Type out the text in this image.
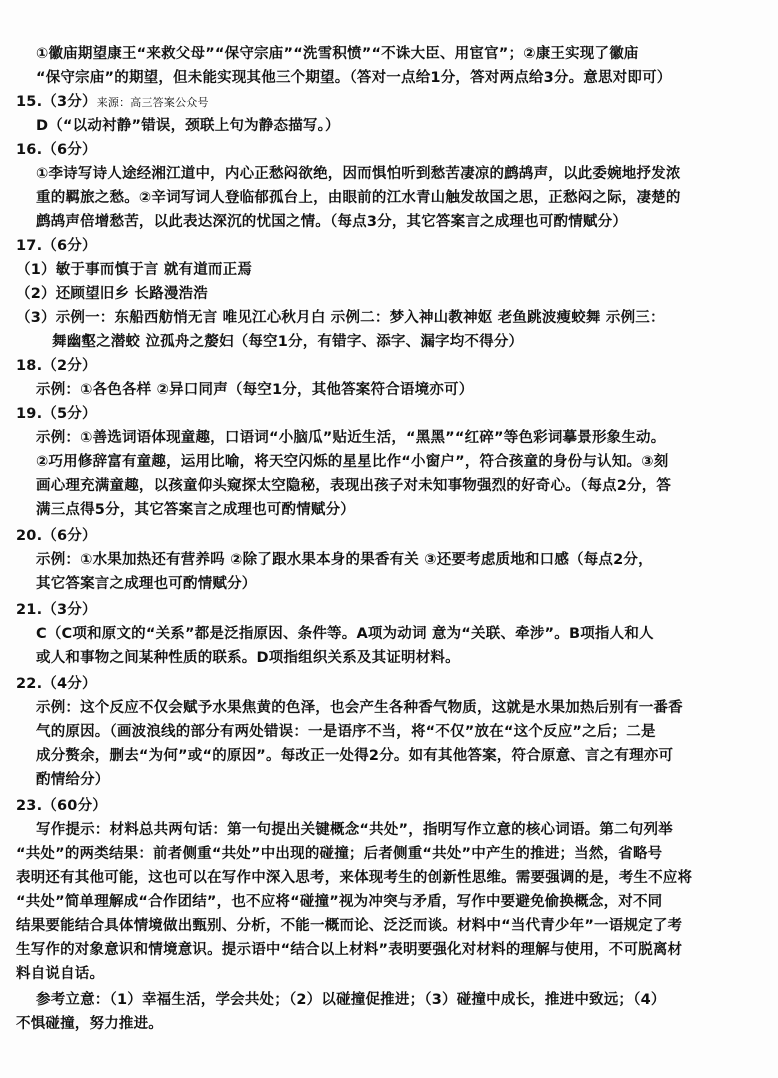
①徽庙期望康王“来救父母”“保守宗庙”“洗雪积愤”“不诛大臣、用宦官”；②康王实现了徽庙
“保守宗庙”的期望，但未能实现其他三个期望。（答对一点给1分，答对两点给3分。意思对即可）
15.（3分）来源：高三答案公众号
D（“以动衬静”错误，颈联上句为静态描写。）
16.（6分）
①李诗写诗人途经湘江道中，内心正愁闷欲绝，因而惧怕听到愁苦凄凉的鹧鸪声，以此委婉地抒发浓
重的羁旅之愁。②辛词写词人登临郁孤台上，由眼前的江水青山触发故国之思，正愁闷之际，凄楚的
鹧鸪声倍增愁苦，以此表达深沉的忧国之情。（每点3分，其它答案言之成理也可酌情赋分）
17.（6分）
（1）敏于事而慎于言 就有道而正焉
（2）还顾望旧乡 长路漫浩浩
（3）示例一：东船西舫悄无言 唯见江心秋月白 示例二：梦入神山教神妪 老鱼跳波瘦蛟舞 示例三：
舞幽壑之潜蛟 泣孤舟之嫠妇（每空1分，有错字、添字、漏字均不得分）
18.（2分）
示例：①各色各样 ②异口同声（每空1分，其他答案符合语境亦可）
19.（5分）
示例：①善选词语体现童趣，口语词“小脑瓜”贴近生活，“黑黑”“红碎”等色彩词摹景形象生动。
②巧用修辞富有童趣，运用比喻，将天空闪烁的星星比作“小窗户”，符合孩童的身份与认知。③刻
画心理充满童趣，以孩童仰头窥探太空隐秘，表现出孩子对未知事物强烈的好奇心。（每点2分，答
满三点得5分，其它答案言之成理也可酌情赋分）
20.（6分）
示例：①水果加热还有营养吗 ②除了跟水果本身的果香有关 ③还要考虑质地和口感（每点2分，
其它答案言之成理也可酌情赋分）
21.（3分）
C（C项和原文的“关系”都是泛指原因、条件等。A项为动词 意为“关联、牵涉”。B项指人和人
或人和事物之间某种性质的联系。D项指组织关系及其证明材料。
22.（4分）
示例：这个反应不仅会赋予水果焦黄的色泽，也会产生各种香气物质，这就是水果加热后别有一番香
气的原因。（画波浪线的部分有两处错误：一是语序不当，将“不仅”放在“这个反应”之后；二是
成分赘余，删去“为何”或“的原因”。每改正一处得2分。如有其他答案，符合原意、言之有理亦可
酌情给分）
23.（60分）
写作提示：材料总共两句话：第一句提出关键概念“共处”，指明写作立意的核心词语。第二句列举
“共处”的两类结果：前者侧重“共处”中出现的碰撞；后者侧重“共处”中产生的推进；当然，省略号
表明还有其他可能，这也可以在写作中深入思考，来体现考生的创新性思维。需要强调的是，考生不应将
“共处”简单理解成“合作团结”，也不应将“碰撞”视为冲突与矛盾，写作中要避免偷换概念，对不同
结果要能结合具体情境做出甄别、分析，不能一概而论、泛泛而谈。材料中“当代青少年”一语规定了考
生写作的对象意识和情境意识。提示语中“结合以上材料”表明要强化对材料的理解与使用，不可脱离材
料自说自话。
参考立意：（1）幸福生活，学会共处；（2）以碰撞促推进；（3）碰撞中成长，推进中致远；（4）
不惧碰撞，努力推进。
